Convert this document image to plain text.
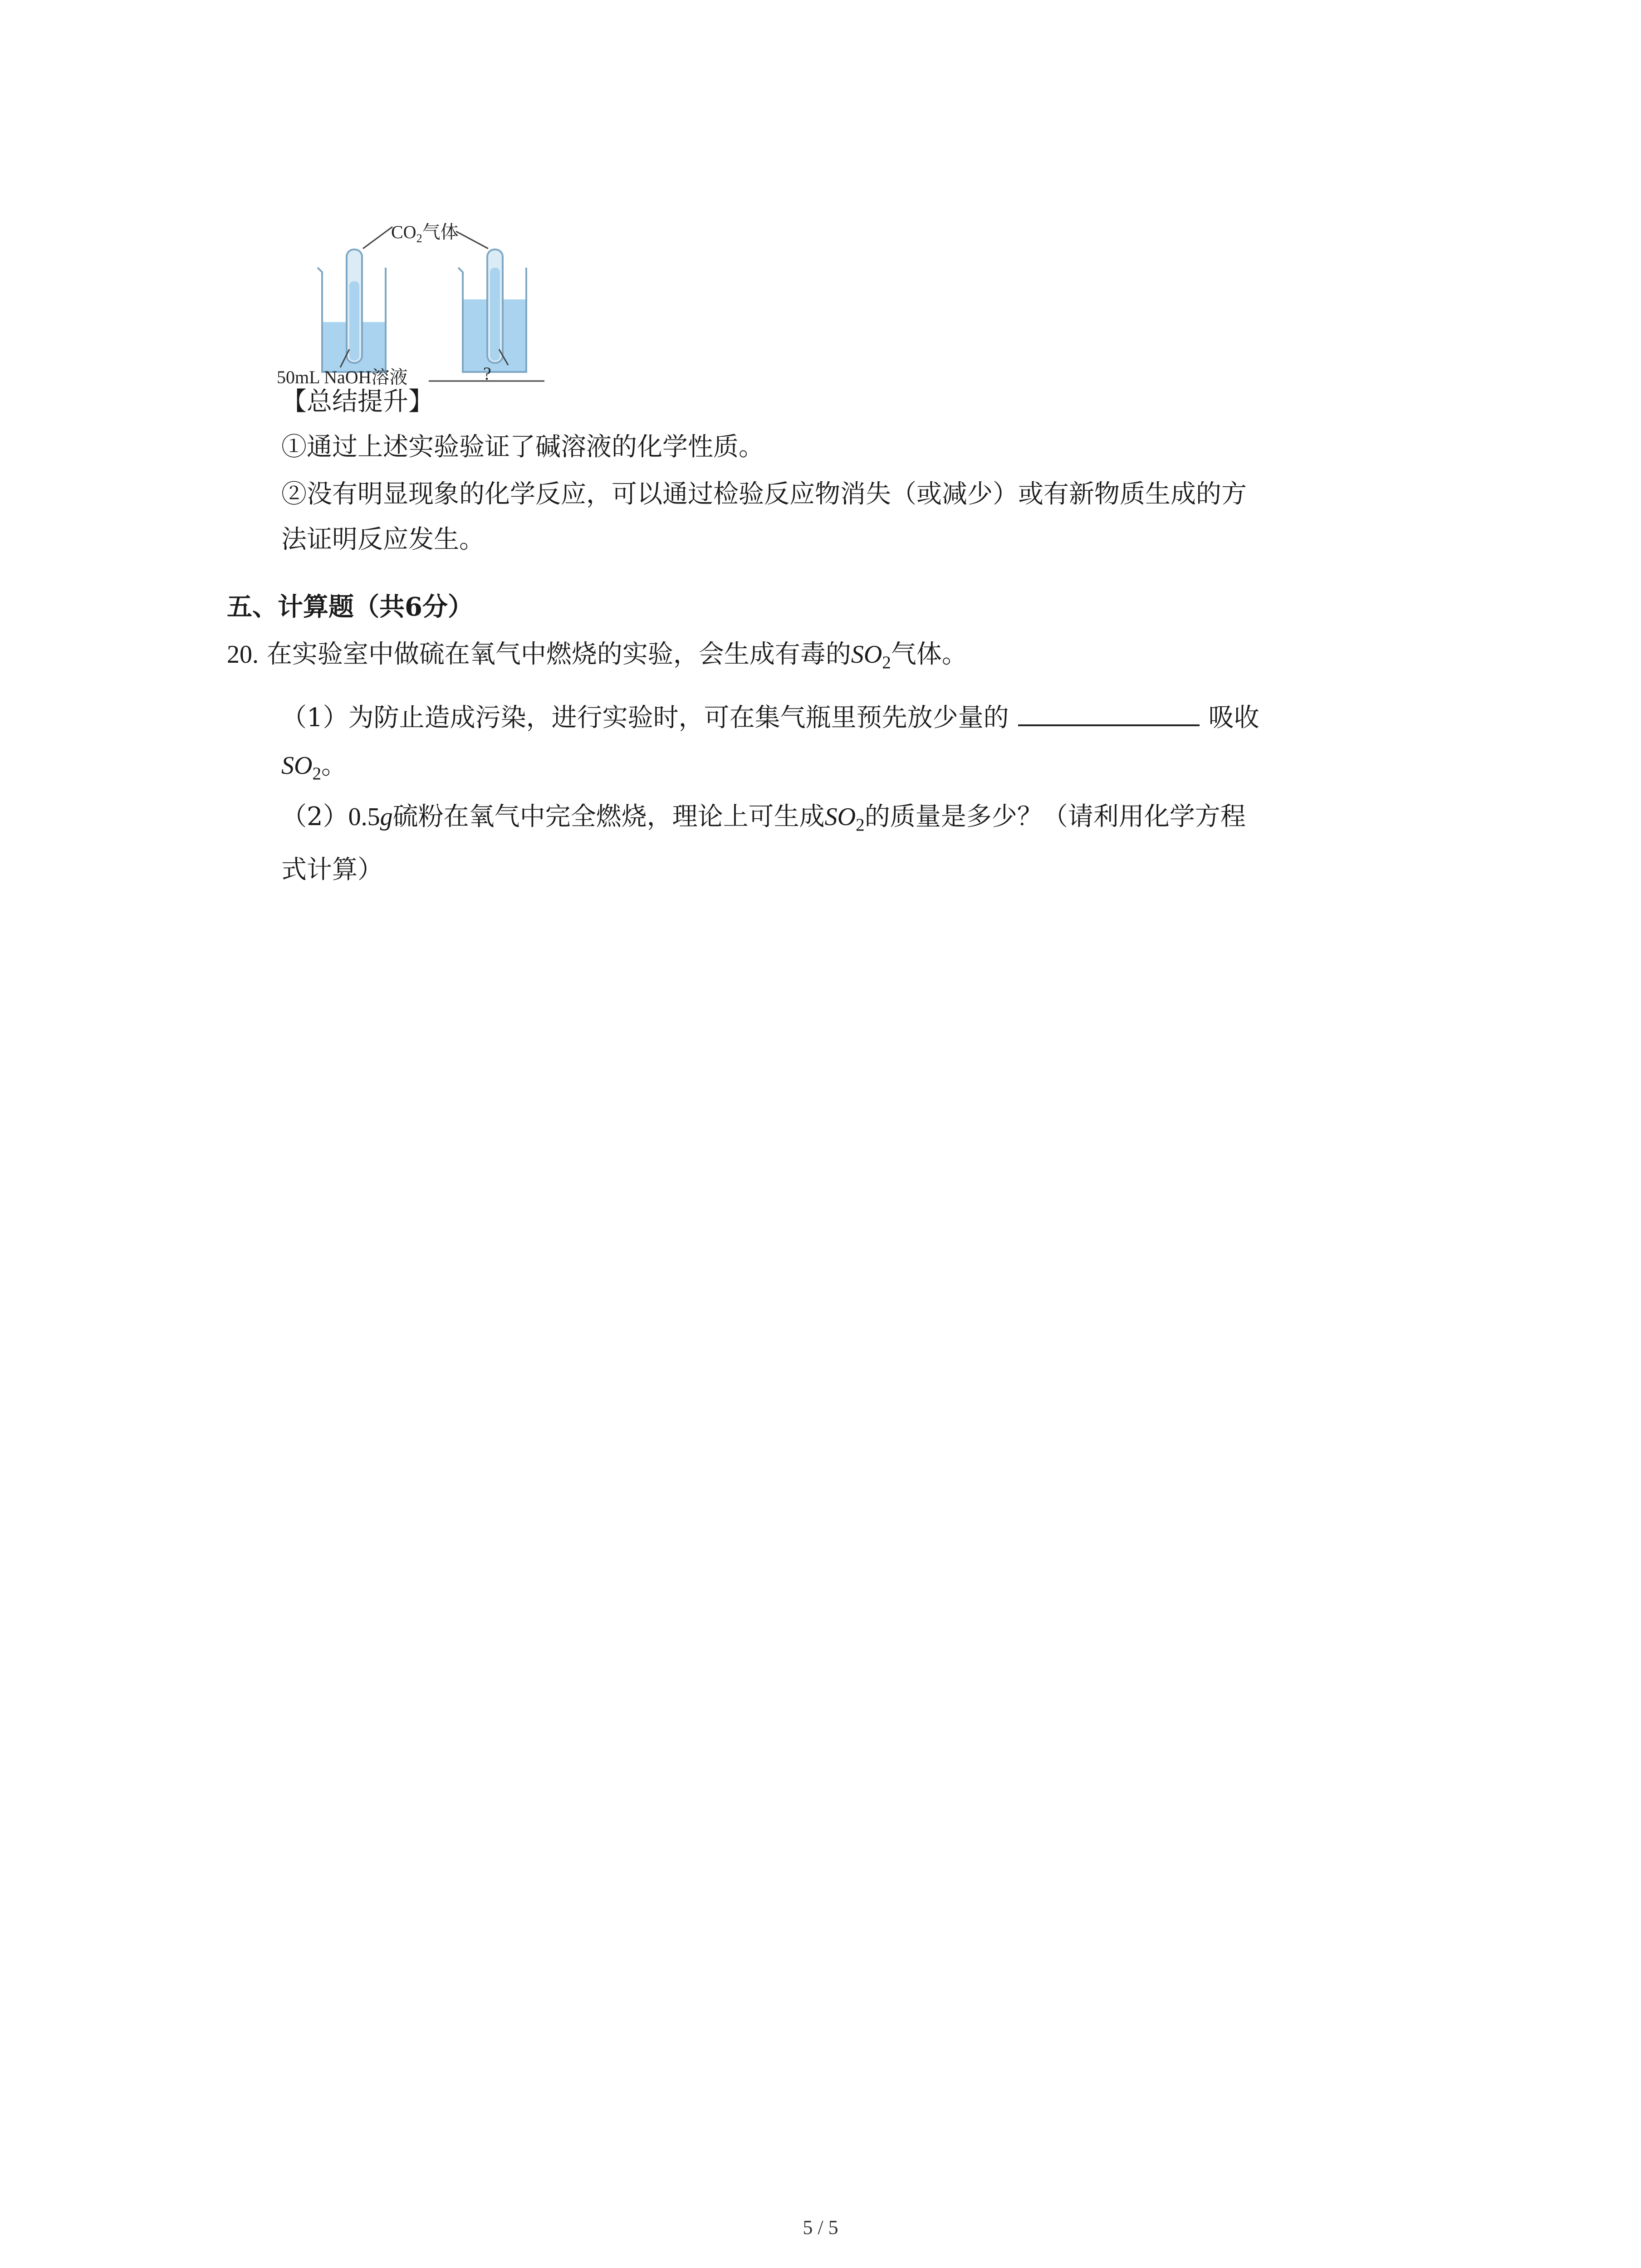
$CO_2$气体
50mL NaOH溶液	?
【总结提升】
①通过上述实验验证了碱溶液的化学性质。
②没有明显现象的化学反应，可以通过检验反应物消失（或减少）或有新物质生成的方
法证明反应发生。
五、计算题（共6分）
20. 在实验室中做硫在氧气中燃烧的实验，会生成有毒的$SO_2$气体。
（1）为防止造成污染，进行实验时，可在集气瓶里预先放少量的	吸收
$SO_2$。
（2）0.5g硫粉在氧气中完全燃烧，理论上可生成$SO_2$的质量是多少？（请利用化学方程
式计算）
5 / 5
